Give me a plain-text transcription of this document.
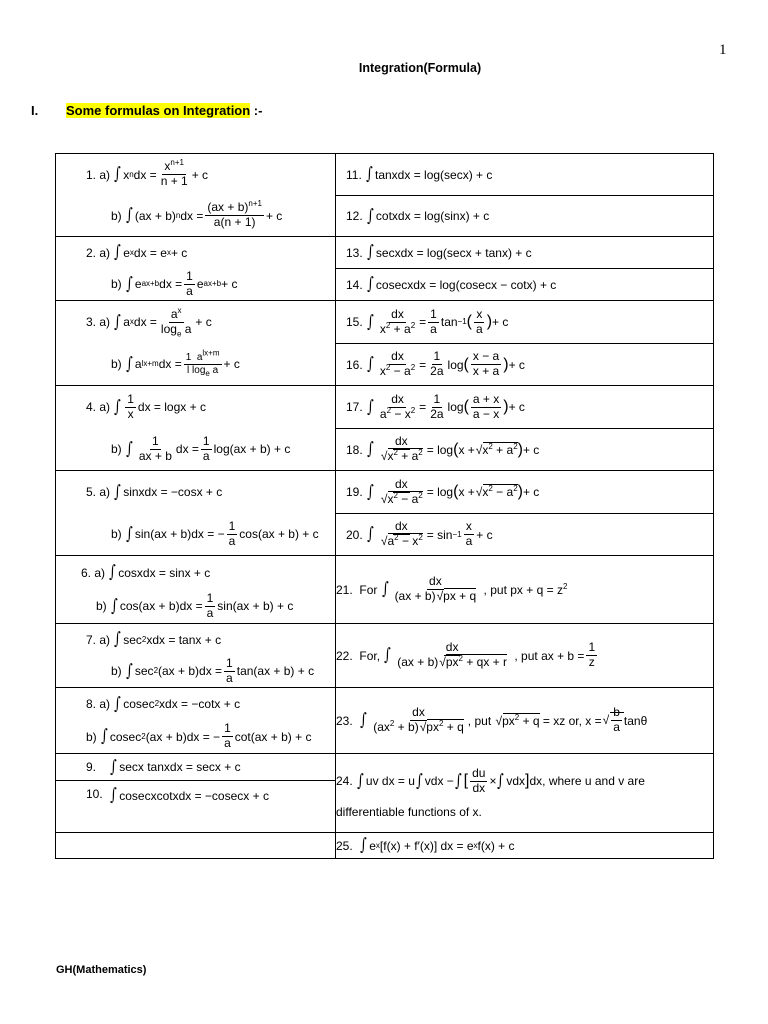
1
Integration(Formula)
I. Some formulas on Integration :-
1. a)
∫ x n dx =
$x^{n+1}$
n + 1 + c
b)
∫ (ax + b) n dx =
(ax + b)$^{n+1}$
a(n + 1) + c

11.
∫ tanxdx = log(secx) + c
12.
∫ cotxdx = log(sinx) + c

2. a)
∫ e x dx = e x + c
b)
∫ e ax+b dx =
1
a e ax+b + c

13.
∫ secxdx = log(secx + tanx) + c
14.
∫ cosecxdx = log(cosecx − cotx) + c

3. a)
∫ a x dx =
$a^x$
$\log_e a + c$
b)
∫ a lx+m dx = 1  $a^{lx+m}$
l $\log_e a + c$

15.
∫ dx
$x^2 + a^2$ =
1
a tan −1 ( x
a ) + c
16.
∫ dx
$x^2 - a^2$ =
1
2a log ( x − a
x + a ) + c

4. a)
∫ 1
x dx = logx + c
b)
∫ 1
ax + b dx =
1
a log(ax + b) + c

17.
∫ dx
$a^2 - x^2$ =
1
2a log ( a + x
a − x ) + c
18.
∫ dx
√ $x^2 + a^2 = \log$ ( x +
√ $x^2 + a^2$ ) + c

5. a)
∫ sinxdx = −cosx + c
b)
∫ sin(ax + b)dx = −
1
a cos(ax + b) + c

19.
∫ dx
√ $x^2 - a^2 = \log$ ( x +
√ $x^2 - a^2$ ) + c
20.
∫ dx
√ $a^2 - x^2 = \sin -1$
x
a + c

6. a)
∫ cosxdx = sinx + c
b)
∫ cos(ax + b)dx =
1
a sin(ax + b) + c
	21. For ∫	dx
(ax + b)√ px + q , put px + $q = z^2$

7. a)
∫ sec 2 xdx = tanx + c
b)
∫ sec 2 (ax + b)dx =
1
a tan(ax + b) + c
	22. For, ∫	dx
(ax + b)√ $px^2$ + qx + r , put ax + b =
1
z

8. a)
∫ cosec 2 xdx = −cotx + c
b)
∫ cosec 2 (ax + b)dx = −
1
a cot(ax + b) + c
	23. ∫	dx
$(ax^2 + b)√$ $px^2 + q$ , put √ $px^2 + q$ = xz or, x =
√ $\frac{b}{a}$ tanθ

9.
∫ secx tanxdx = secx + c
10.
∫ cosecxcotxdx = −cosecx + c

24.
∫ uv dx = u ∫ vdx − ∫ [ du
dx × ∫ vdx ] dx , where u and v are
differentiable functions of x.

	25. ∫ e x [f(x) + f′(x)] dx = e x f(x) + c
GH(Mathematics)
